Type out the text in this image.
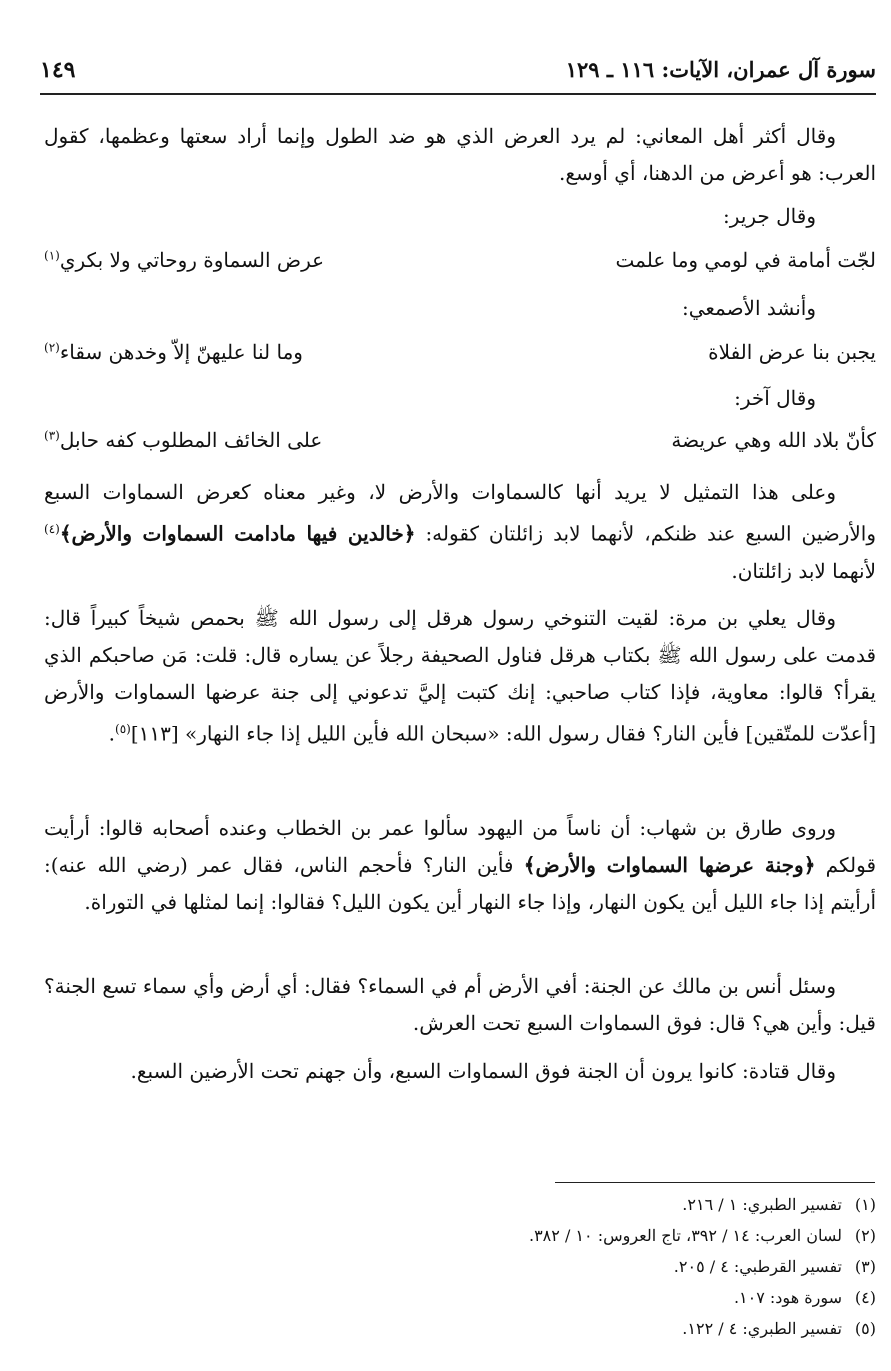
سورة آل عمران، الآيات: ١١٦ ـ ١٢٩
١٤٩

وقال أكثر أهل المعاني: لم يرد العرض الذي هو ضد الطول وإنما أراد سعتها وعظمها، كقول العرب: هو أعرض من الدهنا، أي أوسع.

وقال جرير:

لجّت أمامة في لومي وما علمت

عرض السماوة روحاتي ولا بكري$^{(١)}$

وأنشد الأصمعي:

يجبن بنا عرض الفلاة

وما لنا عليهنّ إلاّ وخدهن سقاء$^{(٢)}$

وقال آخر:

كأنّ بلاد الله وهي عريضة

على الخائف المطلوب كفه حابل$^{(٣)}$

وعلى هذا التمثيل لا يريد أنها كالسماوات والأرض لا، وغير معناه كعرض السماوات السبع والأرضين السبع عند ظنكم، لأنهما لابد زائلتان كقوله: ﴿خالدين فيها مادامت السماوات والأرض﴾$^{(٤)}$ لأنهما لابد زائلتان.

وقال يعلي بن مرة: لقيت التنوخي رسول هرقل إلى رسول الله ﷺ بحمص شيخاً كبيراً قال: قدمت على رسول الله ﷺ بكتاب هرقل فناول الصحيفة رجلاً عن يساره قال: قلت: مَن صاحبكم الذي يقرأ؟ قالوا: معاوية، فإذا كتاب صاحبي: إنك كتبت إليَّ تدعوني إلى جنة عرضها السماوات والأرض [أعدّت للمتّقين] فأين النار؟ فقال رسول الله: «سبحان الله فأين الليل إذا جاء النهار» [١١٣]$^{(٥)}$.

وروى طارق بن شهاب: أن ناساً من اليهود سألوا عمر بن الخطاب وعنده أصحابه قالوا: أرأيت قولكم ﴿وجنة عرضها السماوات والأرض﴾ فأين النار؟ فأحجم الناس، فقال عمر (رضي الله عنه): أرأيتم إذا جاء الليل أين يكون النهار، وإذا جاء النهار أين يكون الليل؟ فقالوا: إنما لمثلها في التوراة.

وسئل أنس بن مالك عن الجنة: أفي الأرض أم في السماء؟ فقال: أي أرض وأي سماء تسع الجنة؟ قيل: وأين هي؟ قال: فوق السماوات السبع تحت العرش.

وقال قتادة: كانوا يرون أن الجنة فوق السماوات السبع، وأن جهنم تحت الأرضين السبع.

(١)تفسير الطبري: ١ / ٢١٦.

(٢)لسان العرب: ١٤ / ٣٩٢، تاج العروس: ١٠ / ٣٨٢.

(٣)تفسير القرطبي: ٤ / ٢٠٥.

(٤)سورة هود: ١٠٧.

(٥)تفسير الطبري: ٤ / ١٢٢.
